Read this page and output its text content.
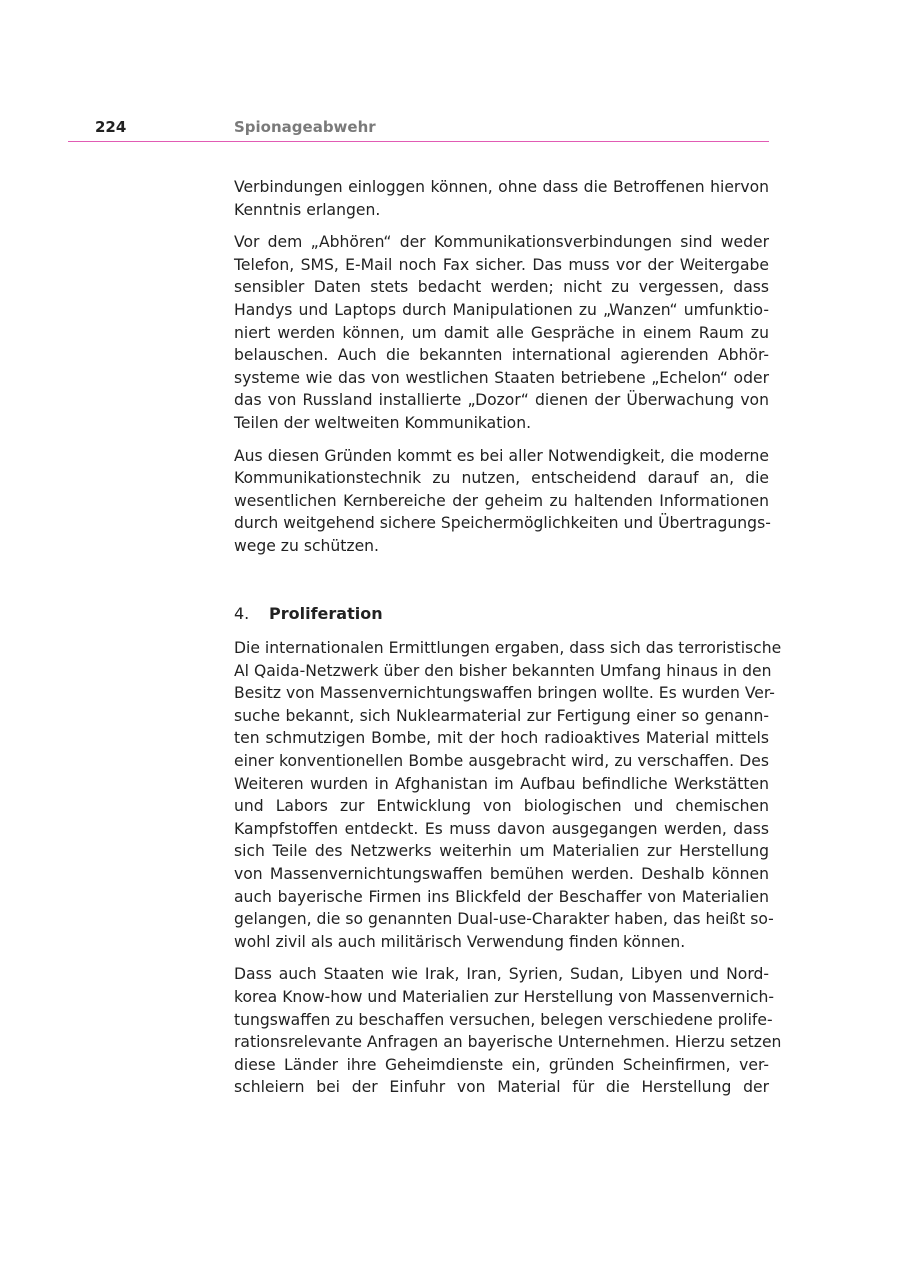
224	Spionageabwehr

Verbindungen einloggen können, ohne dass die Betroffenen hiervon
Kenntnis erlangen.

Vor dem „Abhören“ der Kommunikationsverbindungen sind weder
Telefon, SMS, E-Mail noch Fax sicher. Das muss vor der Weitergabe
sensibler Daten stets bedacht werden; nicht zu vergessen, dass
Handys und Laptops durch Manipulationen zu „Wanzen“ umfunktio-
niert werden können, um damit alle Gespräche in einem Raum zu
belauschen. Auch die bekannten international agierenden Abhör-
systeme wie das von westlichen Staaten betriebene „Echelon“ oder
das von Russland installierte „Dozor“ dienen der Überwachung von
Teilen der weltweiten Kommunikation.

Aus diesen Gründen kommt es bei aller Notwendigkeit, die moderne
Kommunikationstechnik zu nutzen, entscheidend darauf an, die
wesentlichen Kernbereiche der geheim zu haltenden Informationen
durch weitgehend sichere Speichermöglichkeiten und Übertragungs-
wege zu schützen.

4. Proliferation

Die internationalen Ermittlungen ergaben, dass sich das terroristische
Al Qaida-Netzwerk über den bisher bekannten Umfang hinaus in den
Besitz von Massenvernichtungswaffen bringen wollte. Es wurden Ver-
suche bekannt, sich Nuklearmaterial zur Fertigung einer so genann-
ten schmutzigen Bombe, mit der hoch radioaktives Material mittels
einer konventionellen Bombe ausgebracht wird, zu verschaffen. Des
Weiteren wurden in Afghanistan im Aufbau befindliche Werkstätten
und Labors zur Entwicklung von biologischen und chemischen
Kampfstoffen entdeckt. Es muss davon ausgegangen werden, dass
sich Teile des Netzwerks weiterhin um Materialien zur Herstellung
von Massenvernichtungswaffen bemühen werden. Deshalb können
auch bayerische Firmen ins Blickfeld der Beschaffer von Materialien
gelangen, die so genannten Dual-use-Charakter haben, das heißt so-
wohl zivil als auch militärisch Verwendung finden können.

Dass auch Staaten wie Irak, Iran, Syrien, Sudan, Libyen und Nord-
korea Know-how und Materialien zur Herstellung von Massenvernich-
tungswaffen zu beschaffen versuchen, belegen verschiedene prolife-
rationsrelevante Anfragen an bayerische Unternehmen. Hierzu setzen
diese Länder ihre Geheimdienste ein, gründen Scheinfirmen, ver-
schleiern bei der Einfuhr von Material für die Herstellung der
